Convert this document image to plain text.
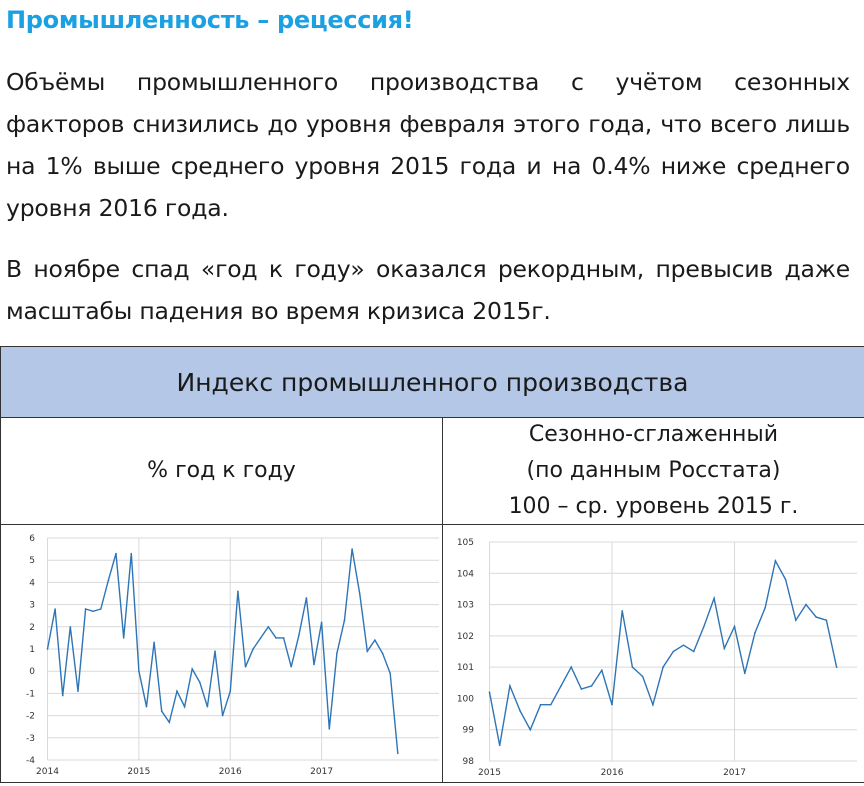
Промышленность – рецессия!
Объёмы промышленного производства с учётом сезонных факторов снизились до уровня февраля этого года, что всего лишь на 1% выше среднего уровня 2015 года и на 0.4% ниже среднего уровня 2016 года.
В ноябре спад «год к году» оказался рекордным, превысив даже масштабы падения во время кризиса 2015г.
Индекс промышленного производства
% год к году
Сезонно-сглаженный
(по данным Росстата)
100 – ср. уровень 2015 г.
2014	2015	2016	2017
-4
-3
-2
-1
0
1
2
3
4
5
6
2015	2016	2017
98
99
100
101
102
103
104
105
